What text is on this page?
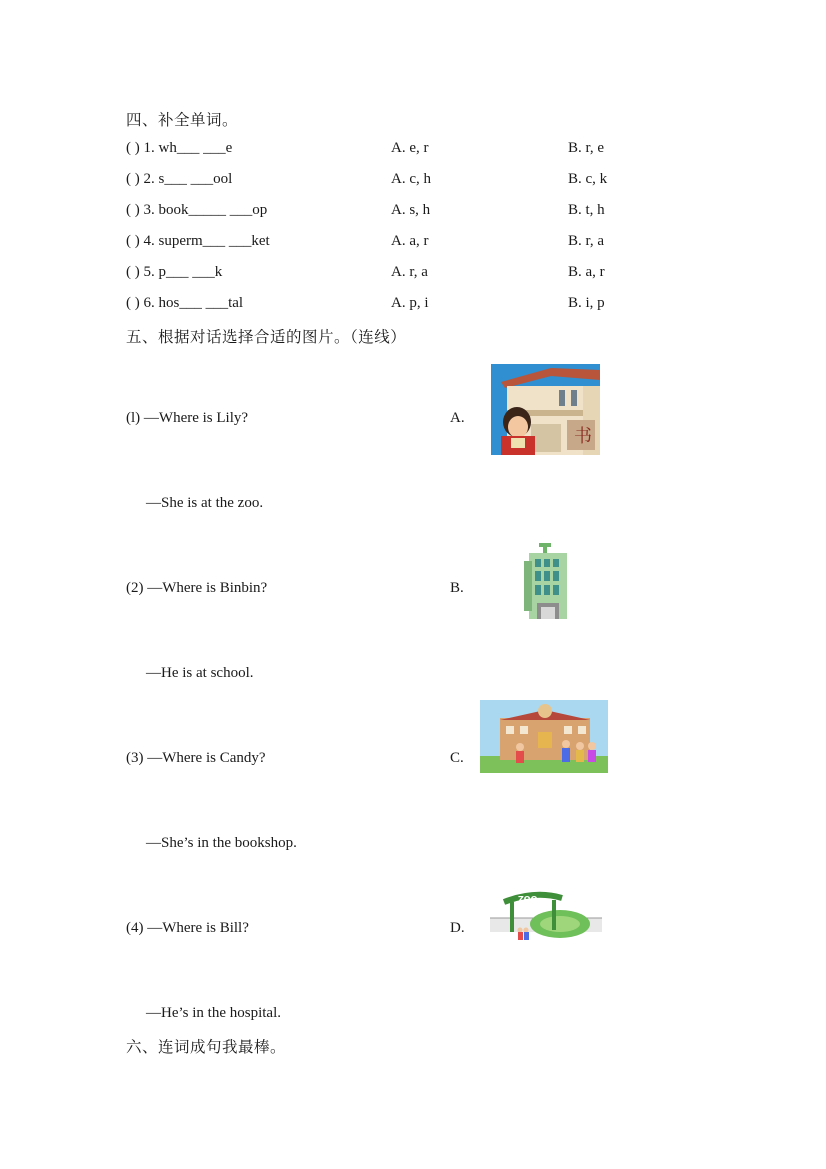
四、补全单词。
( ) 1. wh___ ___e	A. e, r	B. r, e
( ) 2. s___ ___ool	A. c, h	B. c, k
( ) 3. book_____ ___op	A. s, h	B. t, h
( ) 4. superm___ ___ket	A. a, r	B. r, a
( ) 5. p___ ___k	A. r, a	B. a, r
( ) 6. hos___ ___tal	A. p, i	B. i, p
五、根据对话选择合适的图片。（连线）
(l) —Where is Lily?	A.
—She is at the zoo.
书
(2) —Where is Binbin?	B.
—He is at school.
(3) —Where is Candy?	C.
—She’s in the bookshop.
(4) —Where is Bill?	D.
—He’s in the hospital.
ZOO
六、连词成句我最棒。
